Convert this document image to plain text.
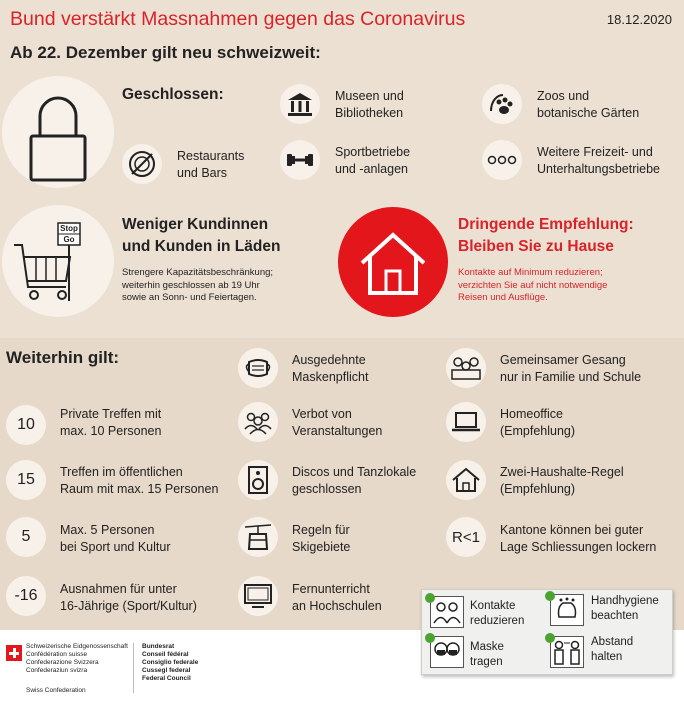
Bund verstärkt Massnahmen gegen das Coronavirus	18.12.2020
Ab 22. Dezember gilt neu schweizweit:
Geschlossen:
Restaurants
und Bars
Museen und
Bibliotheken
Sportbetriebe
und -anlagen
Zoos und
botanische Gärten
Weitere Freizeit- und
Unterhaltungsbetriebe
Stop
Go
Weniger Kundinnen
und Kunden in Läden
Strengere Kapazitätsbeschränkung;
weiterhin geschlossen ab 19 Uhr
sowie an Sonn- und Feiertagen.
Dringende Empfehlung:
Bleiben Sie zu Hause
Kontakte auf Minimum reduzieren;
verzichten Sie auf nicht notwendige
Reisen und Ausflüge.
Weiterhin gilt:
10
Private Treffen mit
max. 10 Personen
15	Treffen im öffentlichen
Raum mit max. 15 Personen
5	Max. 5 Personen
bei Sport und Kultur
-16	Ausnahmen für unter
16-Jährige (Sport/Kultur)
Ausgedehnte
Maskenpflicht
Verbot von
Veranstaltungen
Discos und Tanzlokale
geschlossen
Regeln für
Skigebiete
Fernunterricht
an Hochschulen
Gemeinsamer Gesang
nur in Familie und Schule
Homeoffice
(Empfehlung)
Zwei-Haushalte-Regel
(Empfehlung)
R<1	Kantone können bei guter
Lage Schliessungen lockern
Kontakte
reduzieren
Handhygiene
beachten
Maske
tragen
Abstand
halten
Schweizerische Eidgenossenschaft
Confédération suisse
Confederazione Svizzera
Confederaziun svizra
Swiss Confederation
Bundesrat
Conseil fédéral
Consiglio federale
Cussegl federal
Federal Council
